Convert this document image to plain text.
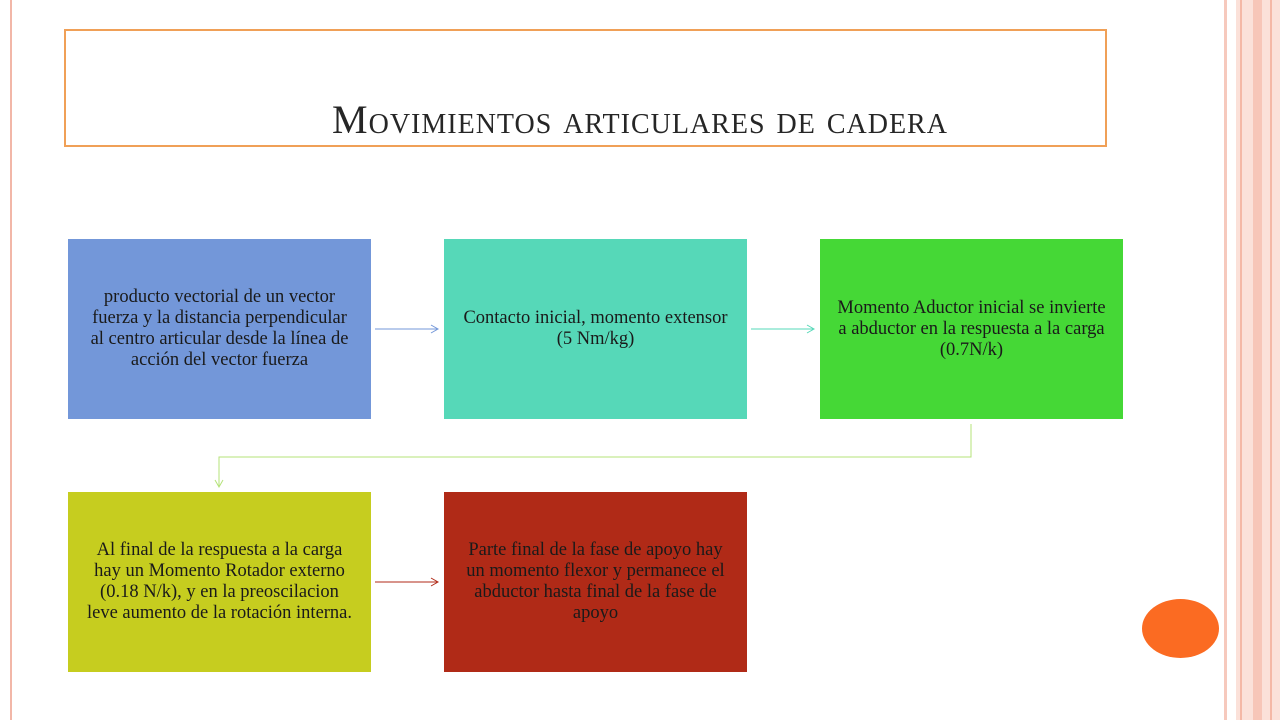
Movimientos articulares de cadera
producto vectorial de un vector fuerza y la distancia perpendicular al centro articular desde la línea de acción del vector fuerza
Contacto inicial, momento extensor (5 Nm/kg)
Momento Aductor inicial se invierte a abductor en la respuesta a la carga (0.7N/k)
Al final de la respuesta a la carga hay un Momento Rotador externo (0.18 N/k), y en la preoscilacion leve aumento de la rotación interna.
Parte final de la fase de apoyo hay un momento flexor y permanece el abductor hasta final de la fase de apoyo
